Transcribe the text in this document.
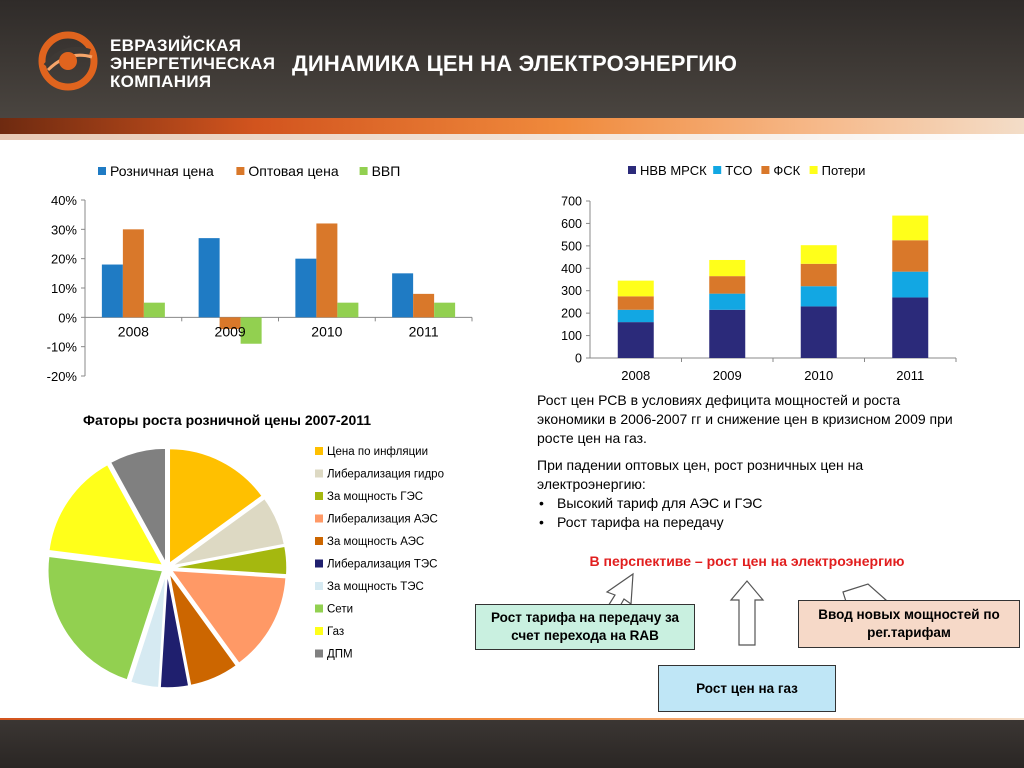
ЕВРАЗИЙСКАЯ
ЭНЕРГЕТИЧЕСКАЯ
КОМПАНИЯ
ДИНАМИКА ЦЕН НА ЭЛЕКТРОЭНЕРГИЮ
Розничная цена Оптовая цена ВВП
-20%
-10%
0%
10%
20%
30%
40%
2008	2009	2010	2011
НВВ МРСК ТСО ФСК Потери
0
100
200
300
400
500
600
700
2008	2009	2010	2011
Фаторы роста розничной цены 2007-2011
Цена по инфляции
Либерализация гидро
За мощность ГЭС
Либерализация АЭС
За мощность АЭС
Либерализация ТЭС
За мощность ТЭС
Сети
Газ
ДПМ
Рост цен РСВ в условиях дефицита мощностей и роста экономики в 2006-2007 гг и снижение цен в кризисном 2009 при росте цен на газ.
При падении оптовых цен, рост розничных цен на электроэнергию:
• Высокий тариф для АЭС и ГЭС
• Рост тарифа на передачу
В перспективе – рост цен на электроэнергию
Рост тарифа на передачу за счет перехода на RAB
Ввод новых мощностей по рег.тарифам
Рост цен на газ
